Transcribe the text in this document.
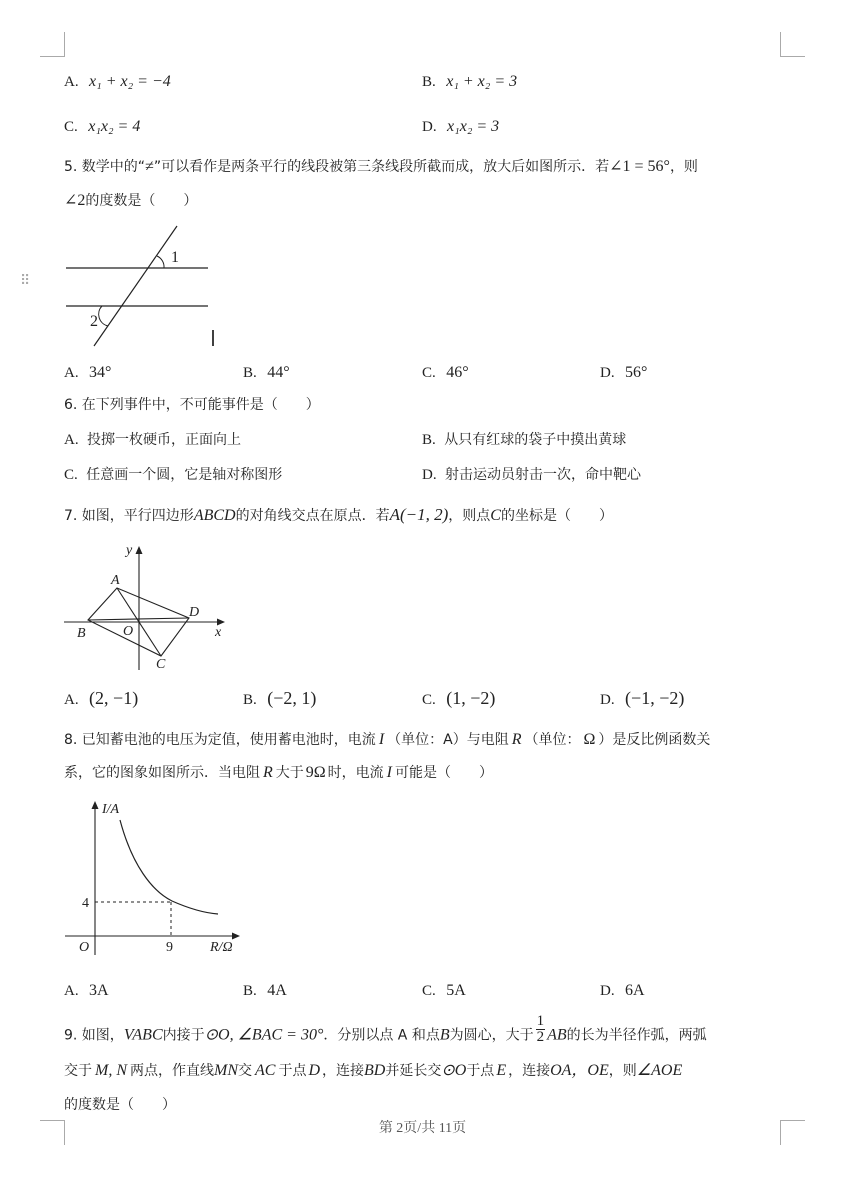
⠿
A. x₁ + x₂ = −4	B. x₁ + x₂ = 3
C. x₁x₂ = 4	D. x₁x₂ = 3
5. 数学中的“≠”可以看作是两条平行的线段被第三条线段所截而成，放大后如图所示．若∠1 = 56°，则
∠2的度数是（　　）
1
2
A. 34°	B. 44°	C. 46°	D. 56°
6. 在下列事件中，不可能事件是（　　）
A. 投掷一枚硬币，正面向上	B. 从只有红球的袋子中摸出黄球
C. 任意画一个圆，它是轴对称图形	D. 射击运动员射击一次，命中靶心
7. 如图，平行四边形ABCD的对角线交点在原点．若A(−1, 2)，则点C的坐标是（　　）
y
A
D
x
B	O
C
A. (2, −1)	B. (−2, 1)	C. (1, −2)	D. (−1, −2)
8. 已知蓄电池的电压为定值，使用蓄电池时，电流 I （单位：A）与电阻 R （单位： Ω ）是反比例函数关
系，它的图象如图所示．当电阻 R 大于 9Ω 时，电流 I 可能是（　　）
I/A
4
O	9	R/Ω
A. 3A	B. 4A	C. 5A	D. 6A
9. 如图，VABC内接于⊙O, ∠BAC = 30°．分别以点 A 和点B为圆心，大于 $\frac{1}{2}$ AB的长为半径作弧，两弧
交于 M, N 两点，作直线MN交 AC 于点 D ，连接BD并延长交⊙O于点 E ，连接OA，OE，则∠AOE
的度数是（　　）
第 2页/共 11页
